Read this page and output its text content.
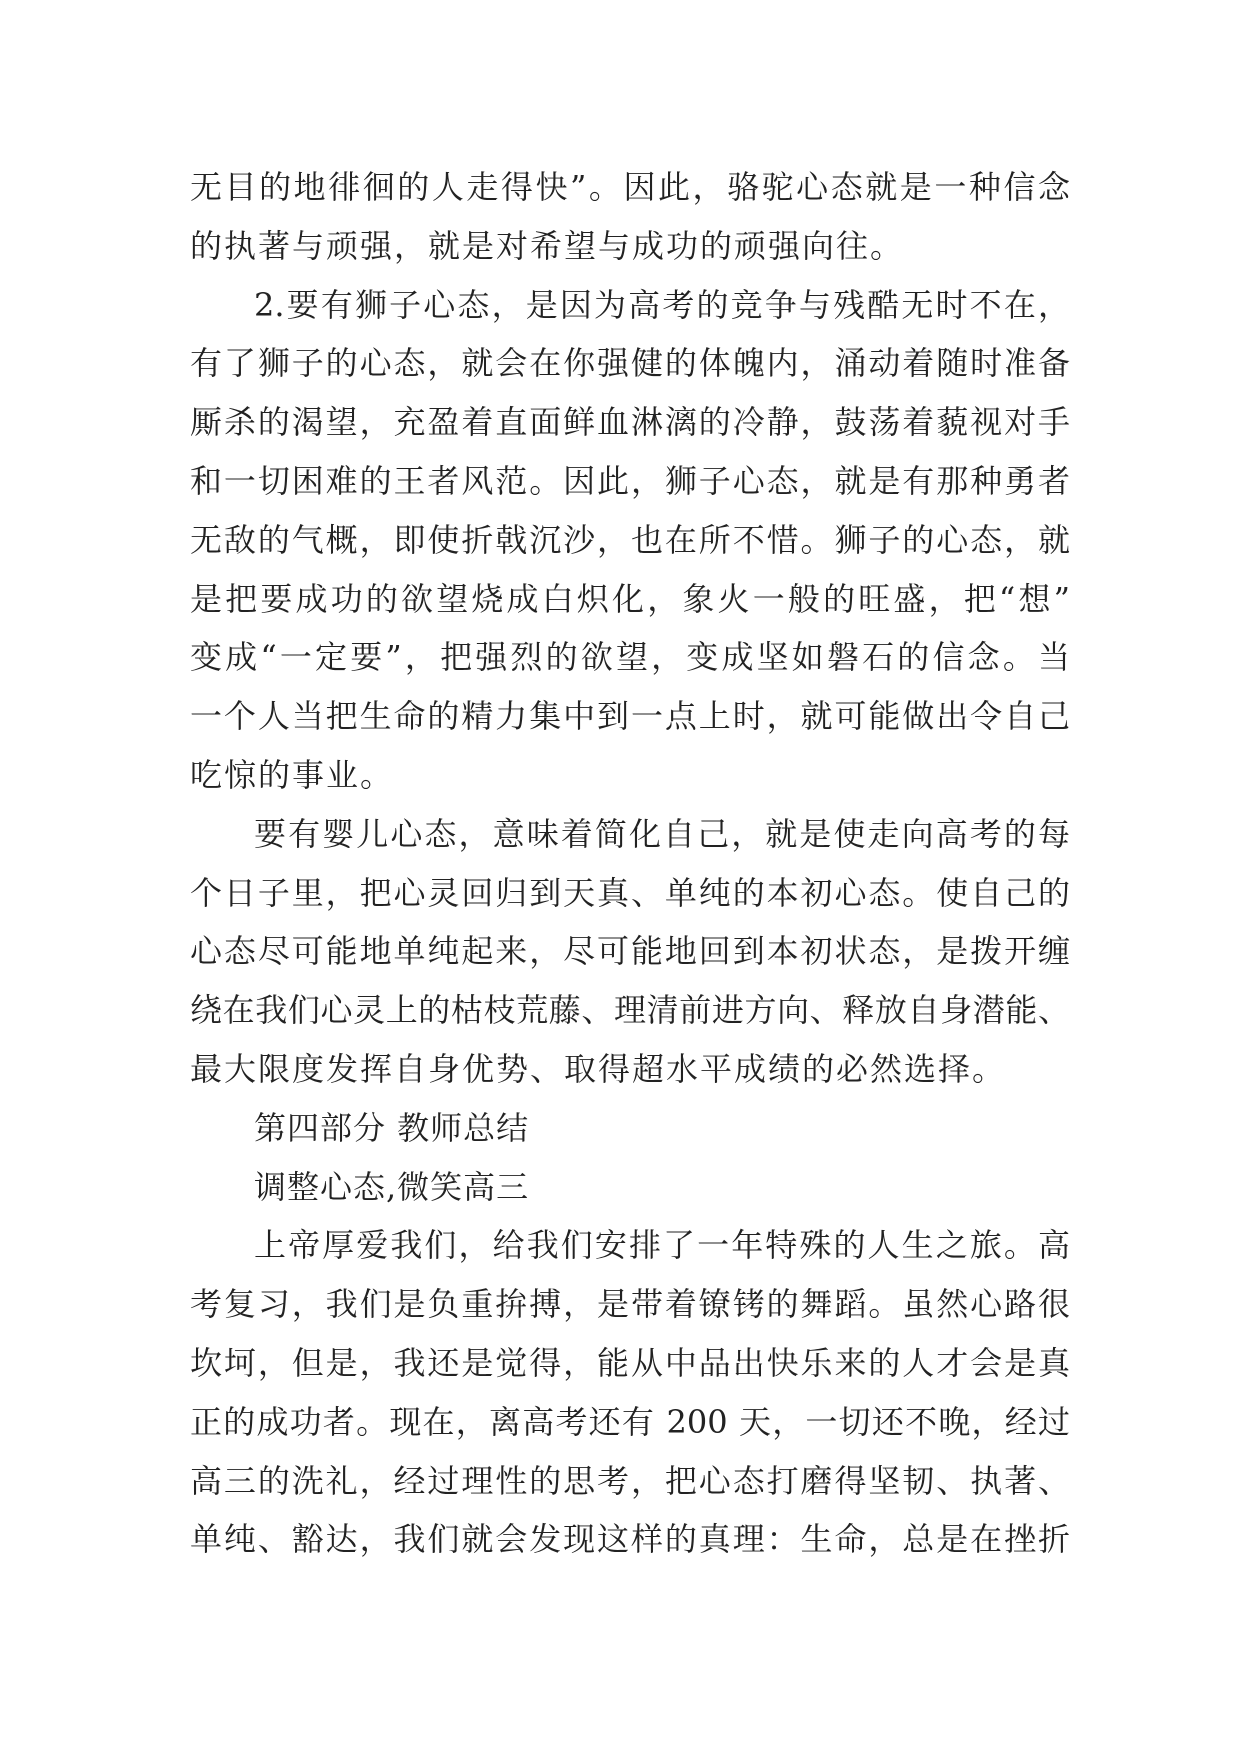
无目的地徘徊的人走得快”。因此，骆驼心态就是一种信念
的执著与顽强，就是对希望与成功的顽强向往。
2.要有狮子心态，是因为高考的竞争与残酷无时不在，
有了狮子的心态，就会在你强健的体魄内，涌动着随时准备
厮杀的渴望，充盈着直面鲜血淋漓的冷静，鼓荡着藐视对手
和一切困难的王者风范。因此，狮子心态，就是有那种勇者
无敌的气概，即使折戟沉沙，也在所不惜。狮子的心态，就
是把要成功的欲望烧成白炽化，象火一般的旺盛，把“想”
变成“一定要”，把强烈的欲望，变成坚如磐石的信念。当
一个人当把生命的精力集中到一点上时，就可能做出令自己
吃惊的事业。
要有婴儿心态，意味着简化自己，就是使走向高考的每
个日子里，把心灵回归到天真、单纯的本初心态。使自己的
心态尽可能地单纯起来，尽可能地回到本初状态，是拨开缠
绕在我们心灵上的枯枝荒藤、理清前进方向、释放自身潜能、
最大限度发挥自身优势、取得超水平成绩的必然选择。
第四部分 教师总结
调整心态,微笑高三
上帝厚爱我们，给我们安排了一年特殊的人生之旅。高
考复习，我们是负重拚搏，是带着镣铐的舞蹈。虽然心路很
坎坷，但是，我还是觉得，能从中品出快乐来的人才会是真
正的成功者。现在，离高考还有 200 天，一切还不晚，经过
高三的洗礼，经过理性的思考，把心态打磨得坚韧、执著、
单纯、豁达，我们就会发现这样的真理：生命，总是在挫折
